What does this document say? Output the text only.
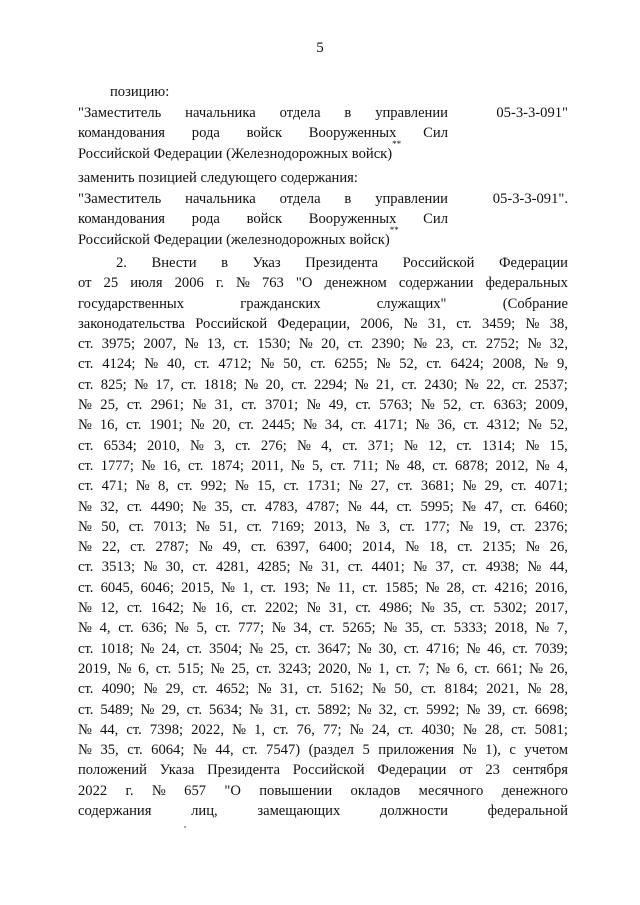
5
позицию:
"Заместитель начальника отдела в управлении
командования рода войск Вооруженных Сил
Российской Федерации (Железнодорожных войск)
**
05-3-3-091"
заменить позицией следующего содержания:
"Заместитель начальника отдела в управлении
командования рода войск Вооруженных Сил
Российской Федерации (железнодорожных войск)
**
05-3-3-091".
2. Внести в Указ Президента Российской Федерации
от 25 июля 2006 г. № 763 "О денежном содержании федеральных
государственных	гражданских	служащих"	(Собрание
законодательства Российской Федерации, 2006, № 31, ст. 3459; № 38,
ст. 3975; 2007, № 13, ст. 1530; № 20, ст. 2390; № 23, ст. 2752; № 32,
ст. 4124; № 40, ст. 4712; № 50, ст. 6255; № 52, ст. 6424; 2008, № 9,
ст. 825; № 17, ст. 1818; № 20, ст. 2294; № 21, ст. 2430; № 22, ст. 2537;
№ 25, ст. 2961; № 31, ст. 3701; № 49, ст. 5763; № 52, ст. 6363; 2009,
№ 16, ст. 1901; № 20, ст. 2445; № 34, ст. 4171; № 36, ст. 4312; № 52,
ст. 6534; 2010, № 3, ст. 276; № 4, ст. 371; № 12, ст. 1314; № 15,
ст. 1777; № 16, ст. 1874; 2011, № 5, ст. 711; № 48, ст. 6878; 2012, № 4,
ст. 471; № 8, ст. 992; № 15, ст. 1731; № 27, ст. 3681; № 29, ст. 4071;
№ 32, ст. 4490; № 35, ст. 4783, 4787; № 44, ст. 5995; № 47, ст. 6460;
№ 50, ст. 7013; № 51, ст. 7169; 2013, № 3, ст. 177; № 19, ст. 2376;
№ 22, ст. 2787; № 49, ст. 6397, 6400; 2014, № 18, ст. 2135; № 26,
ст. 3513; № 30, ст. 4281, 4285; № 31, ст. 4401; № 37, ст. 4938; № 44,
ст. 6045, 6046; 2015, № 1, ст. 193; № 11, ст. 1585; № 28, ст. 4216; 2016,
№ 12, ст. 1642; № 16, ст. 2202; № 31, ст. 4986; № 35, ст. 5302; 2017,
№ 4, ст. 636; № 5, ст. 777; № 34, ст. 5265; № 35, ст. 5333; 2018, № 7,
ст. 1018; № 24, ст. 3504; № 25, ст. 3647; № 30, ст. 4716; № 46, ст. 7039;
2019, № 6, ст. 515; № 25, ст. 3243; 2020, № 1, ст. 7; № 6, ст. 661; № 26,
ст. 4090; № 29, ст. 4652; № 31, ст. 5162; № 50, ст. 8184; 2021, № 28,
ст. 5489; № 29, ст. 5634; № 31, ст. 5892; № 32, ст. 5992; № 39, ст. 6698;
№ 44, ст. 7398; 2022, № 1, ст. 76, 77; № 24, ст. 4030; № 28, ст. 5081;
№ 35, ст. 6064; № 44, ст. 7547) (раздел 5 приложения № 1), с учетом
положений Указа Президента Российской Федерации от 23 сентября
2022 г. № 657 "О повышении окладов месячного денежного
содержания	лиц,	замещающих	должности	федеральной
